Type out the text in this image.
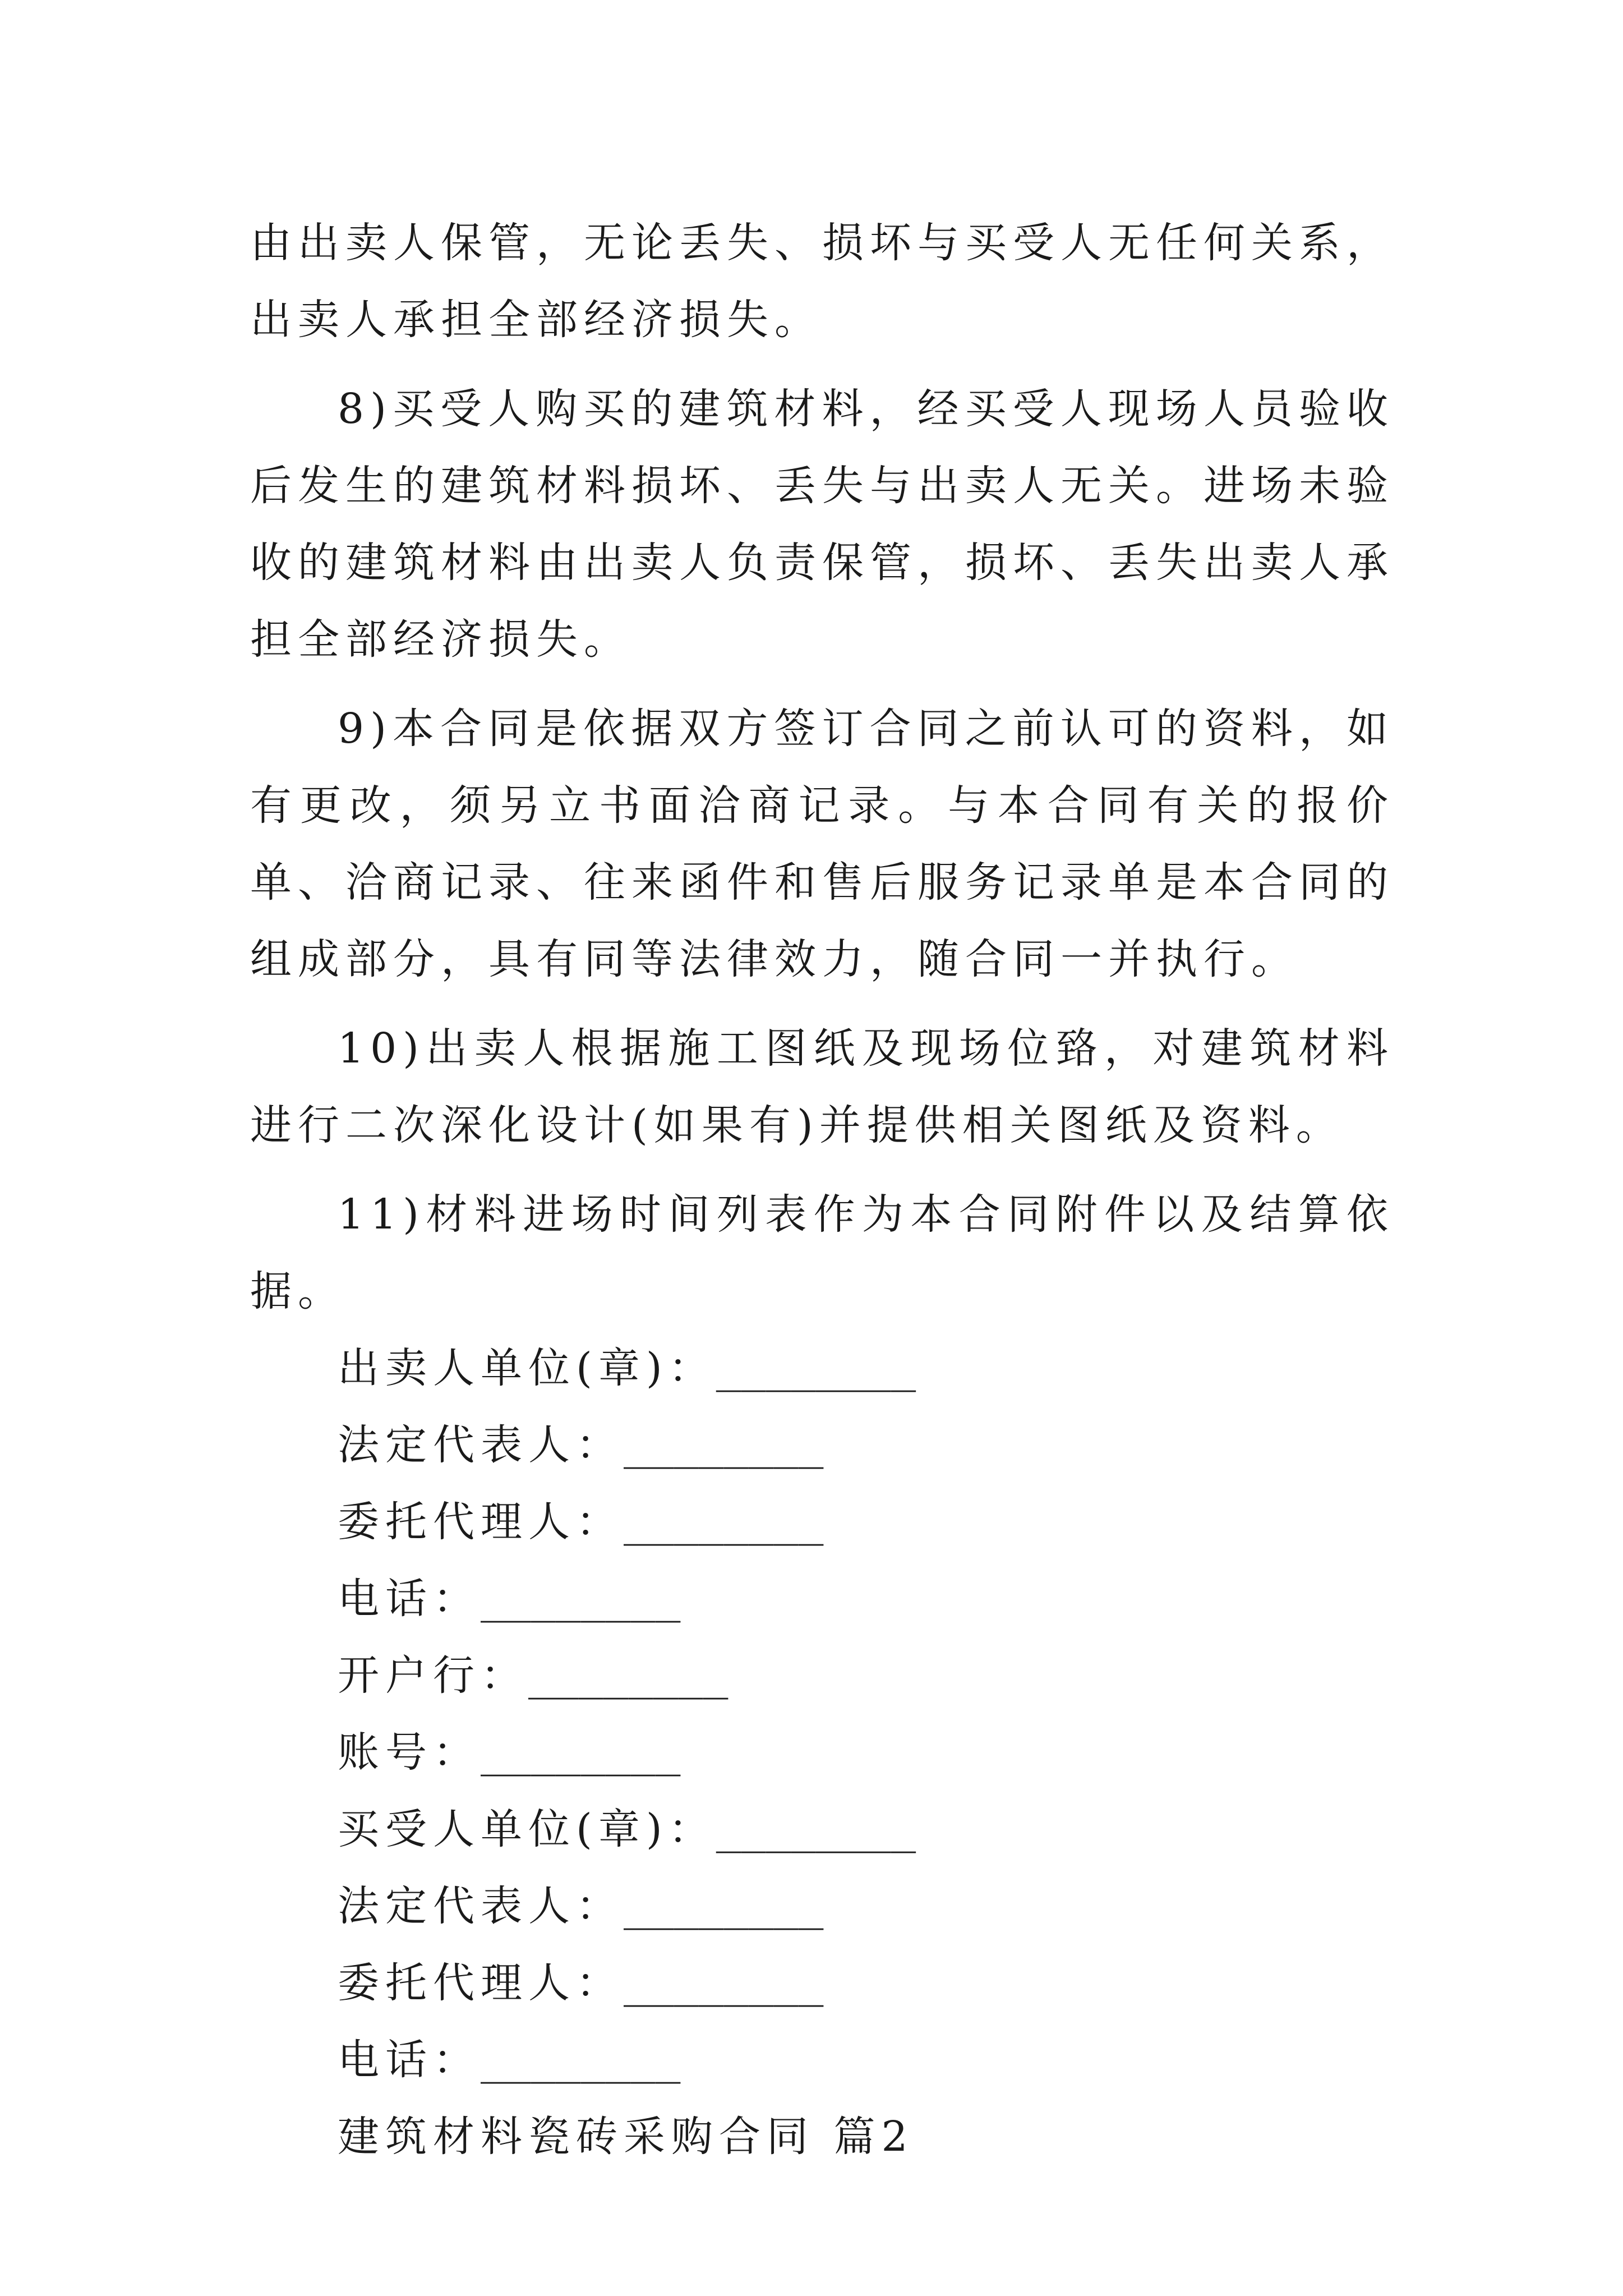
由出卖人保管，无论丢失、损坏与买受人无任何关系，出卖人承担全部经济损失。

8)买受人购买的建筑材料，经买受人现场人员验收后发生的建筑材料损坏、丢失与出卖人无关。进场未验收的建筑材料由出卖人负责保管，损坏、丢失出卖人承担全部经济损失。

9)本合同是依据双方签订合同之前认可的资料，如有更改，须另立书面洽商记录。与本合同有关的报价单、洽商记录、往来函件和售后服务记录单是本合同的组成部分，具有同等法律效力，随合同一并执行。

10)出卖人根据施工图纸及现场位臵，对建筑材料进行二次深化设计(如果有)并提供相关图纸及资料。

11)材料进场时间列表作为本合同附件以及结算依据。

出卖人单位(章)：________
法定代表人：________
委托代理人：________
电话：________
开户行：________
账号：________
买受人单位(章)：________
法定代表人：________
委托代理人：________
电话：________
建筑材料瓷砖采购合同 篇2
